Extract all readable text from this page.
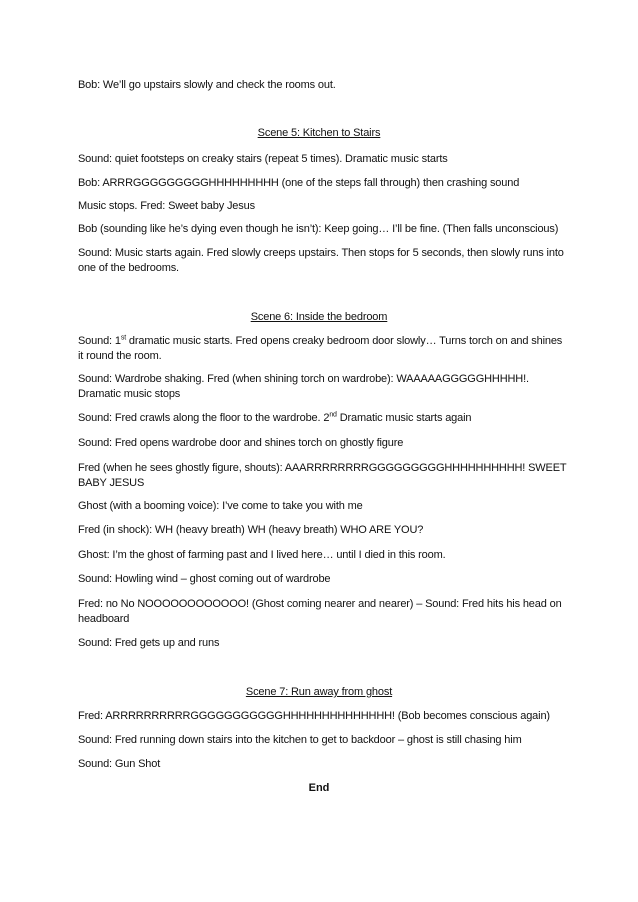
Bob: We’ll go upstairs slowly and check the rooms out.
Scene 5: Kitchen to Stairs
Sound: quiet footsteps on creaky stairs (repeat 5 times). Dramatic music starts
Bob: ARRRGGGGGGGGGHHHHHHHHH (one of the steps fall through) then crashing sound
Music stops. Fred: Sweet baby Jesus
Bob (sounding like he’s dying even though he isn’t): Keep going… I’ll be fine. (Then falls unconscious)
Sound: Music starts again. Fred slowly creeps upstairs. Then stops for 5 seconds, then slowly runs into one of the bedrooms.
Scene 6: Inside the bedroom
Sound: 1st dramatic music starts. Fred opens creaky bedroom door slowly… Turns torch on and shines it round the room.
Sound: Wardrobe shaking. Fred (when shining torch on wardrobe): WAAAAAGGGGGHHHHH!. Dramatic music stops
Sound: Fred crawls along the floor to the wardrobe. 2nd Dramatic music starts again
Sound: Fred opens wardrobe door and shines torch on ghostly figure
Fred (when he sees ghostly figure, shouts): AAARRRRRRRRGGGGGGGGGHHHHHHHHHH! SWEET BABY JESUS
Ghost (with a booming voice): I’ve come to take you with me
Fred (in shock): WH (heavy breath) WH (heavy breath) WHO ARE YOU?
Ghost: I’m the ghost of farming past and I lived here… until I died in this room.
Sound: Howling wind – ghost coming out of wardrobe
Fred: no No NOOOOOOOOOOOO! (Ghost coming nearer and nearer) – Sound: Fred hits his head on headboard
Sound: Fred gets up and runs
Scene 7: Run away from ghost
Fred: ARRRRRRRRRRGGGGGGGGGGGHHHHHHHHHHHHHH! (Bob becomes conscious again)
Sound: Fred running down stairs into the kitchen to get to backdoor – ghost is still chasing him
Sound: Gun Shot
End
